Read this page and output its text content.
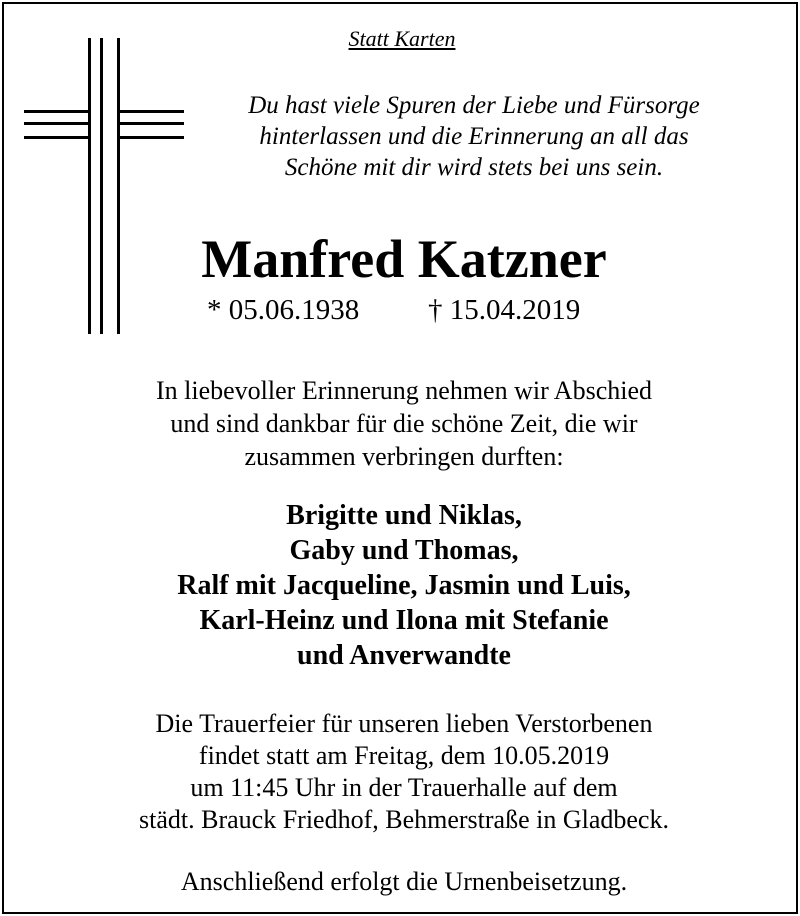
Statt Karten
Du hast viele Spuren der Liebe und Fürsorge
hinterlassen und die Erinnerung an all das
Schöne mit dir wird stets bei uns sein.
Manfred Katzner
* 05.06.1938	† 15.04.2019
In liebevoller Erinnerung nehmen wir Abschied
und sind dankbar für die schöne Zeit, die wir
zusammen verbringen durften:
Brigitte und Niklas,
Gaby und Thomas,
Ralf mit Jacqueline, Jasmin und Luis,
Karl-Heinz und Ilona mit Stefanie
und Anverwandte
Die Trauerfeier für unseren lieben Verstorbenen
findet statt am Freitag, dem 10.05.2019
um 11:45 Uhr in der Trauerhalle auf dem
städt. Brauck Friedhof, Behmerstraße in Gladbeck.
Anschließend erfolgt die Urnenbeisetzung.
